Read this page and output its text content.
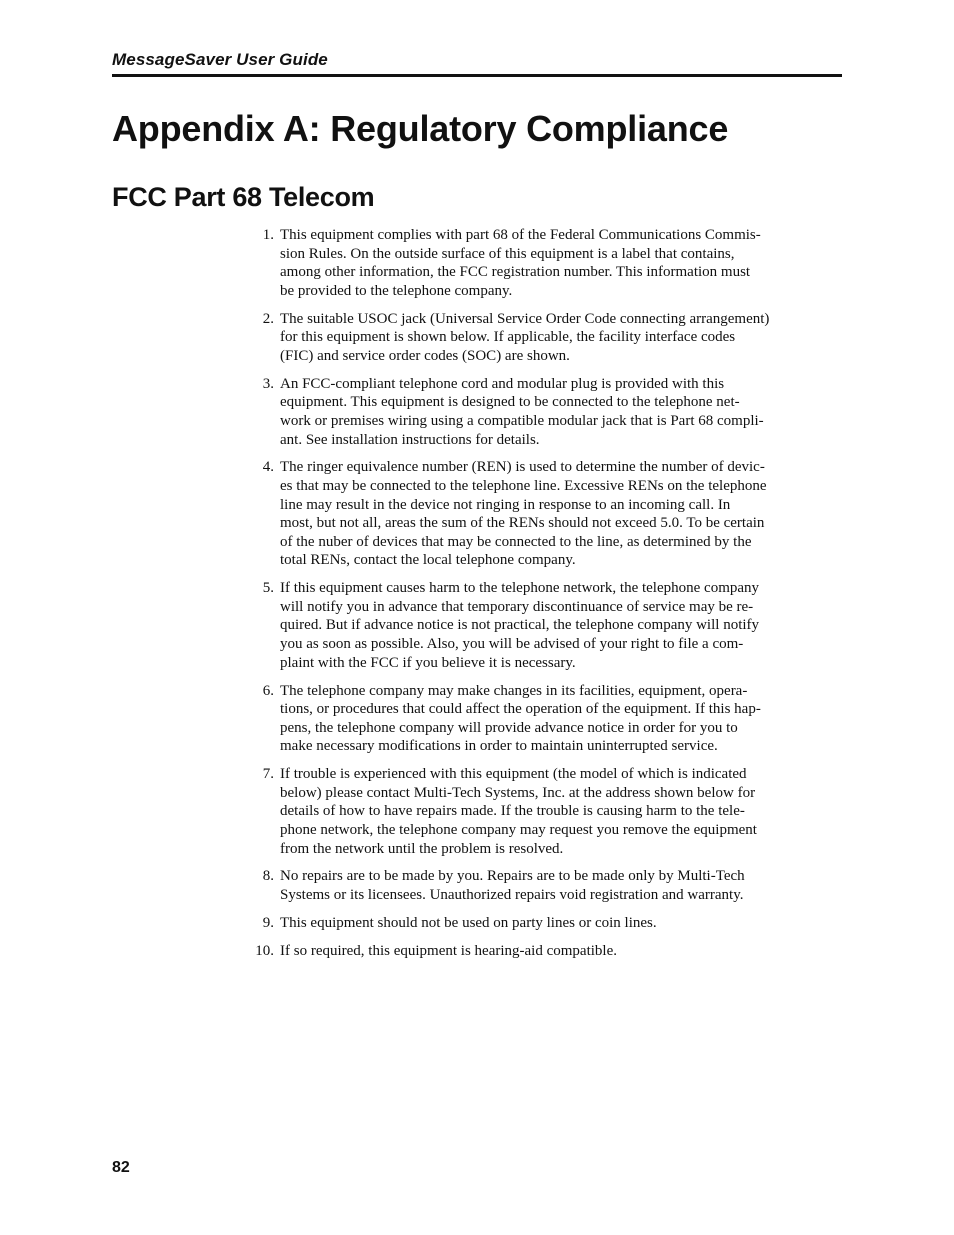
MessageSaver User Guide
Appendix A: Regulatory Compliance
FCC Part 68 Telecom
1. This equipment complies with part 68 of the Federal Communications Commis-
sion Rules. On the outside surface of this equipment is a label that contains,
among other information, the FCC registration number. This information must
be provided to the telephone company.
2. The suitable USOC jack (Universal Service Order Code connecting arrangement)
for this equipment is shown below. If applicable, the facility interface codes
(FIC) and service order codes (SOC) are shown.
3. An FCC-compliant telephone cord and modular plug is provided with this
equipment. This equipment is designed to be connected to the telephone net-
work or premises wiring using a compatible modular jack that is Part 68 compli-
ant. See installation instructions for details.
4. The ringer equivalence number (REN) is used to determine the number of devic-
es that may be connected to the telephone line. Excessive RENs on the telephone
line may result in the device not ringing in response to an incoming call. In
most, but not all, areas the sum of the RENs should not exceed 5.0. To be certain
of the nuber of devices that may be connected to the line, as determined by the
total RENs, contact the local telephone company.
5. If this equipment causes harm to the telephone network, the telephone company
will notify you in advance that temporary discontinuance of service may be re-
quired. But if advance notice is not practical, the telephone company will notify
you as soon as possible. Also, you will be advised of your right to file a com-
plaint with the FCC if you believe it is necessary.
6. The telephone company may make changes in its facilities, equipment, opera-
tions, or procedures that could affect the operation of the equipment. If this hap-
pens, the telephone company will provide advance notice in order for you to
make necessary modifications in order to maintain uninterrupted service.
7. If trouble is experienced with this equipment (the model of which is indicated
below) please contact Multi-Tech Systems, Inc. at the address shown below for
details of how to have repairs made. If the trouble is causing harm to the tele-
phone network, the telephone company may request you remove the equipment
from the network until the problem is resolved.
8. No repairs are to be made by you. Repairs are to be made only by Multi-Tech
Systems or its licensees. Unauthorized repairs void registration and warranty.
9. This equipment should not be used on party lines or coin lines.
10. If so required, this equipment is hearing-aid compatible.
82
